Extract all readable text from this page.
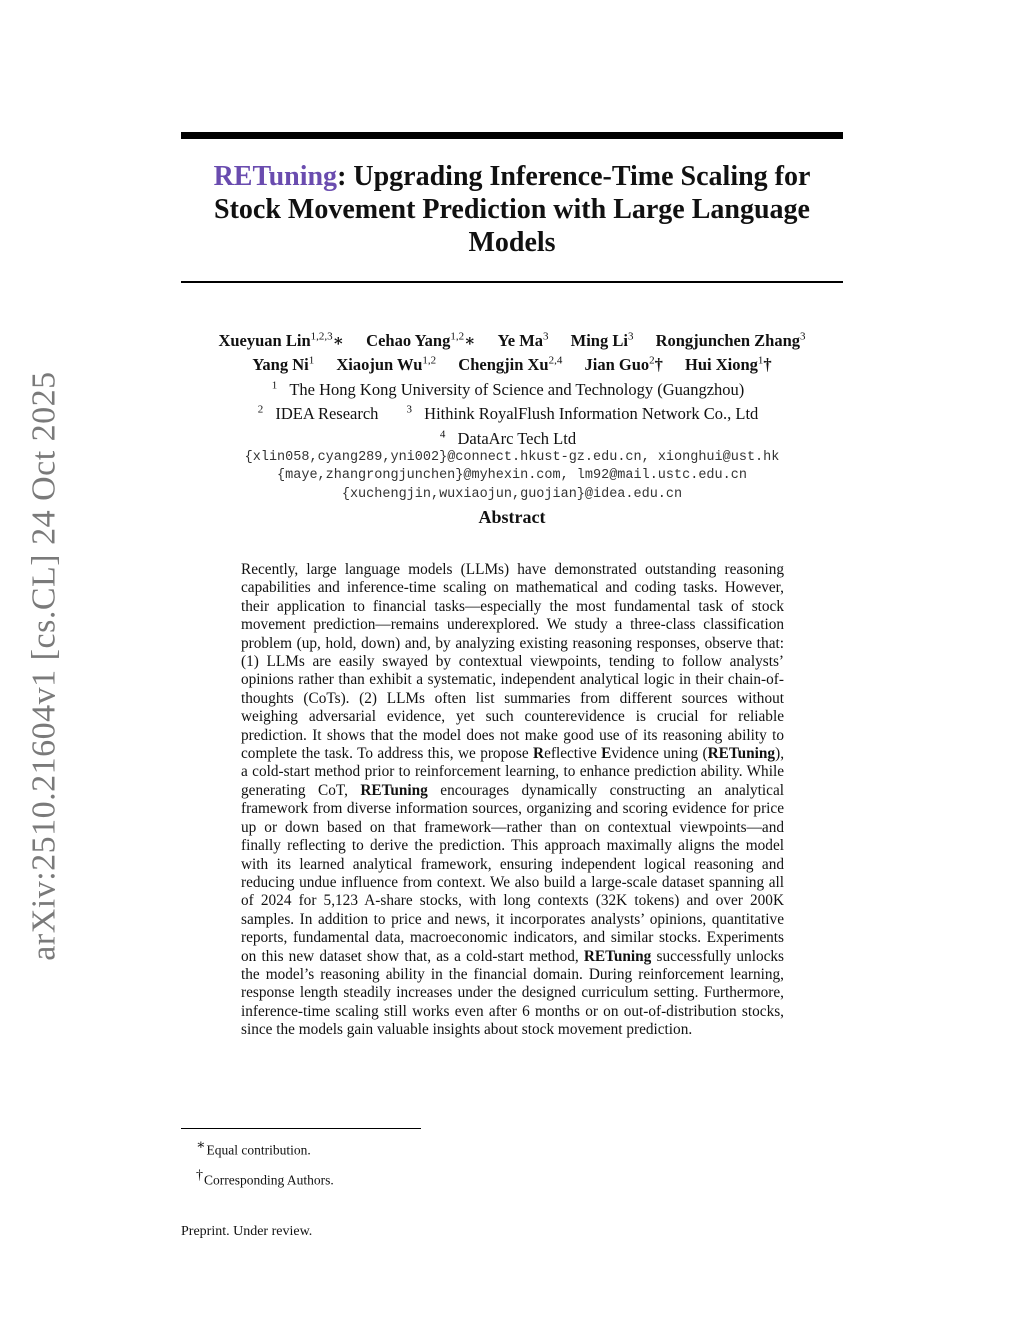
arXiv:2510.21604v1 [cs.CL] 24 Oct 2025
RETuning: Upgrading Inference-Time Scaling for Stock Movement Prediction with Large Language Models
Xueyuan Lin$^{1,2,3}$∗ Cehao Yang$^{1,2}$∗ Ye Ma$^3$ Ming Li$^3$ Rongjunchen Zhang$^3$
Yang Ni$^1$ Xiaojun Wu$^{1,2}$ Chengjin Xu$^{2,4}$ Jian Guo$^2$† Hui Xiong$^1$†
$^1$ The Hong Kong University of Science and Technology (Guangzhou)
$^2$ IDEA Research	$^3$ Hithink RoyalFlush Information Network Co., Ltd $^4$ DataArc Tech Ltd
{xlin058,cyang289,yni002}@connect.hkust-gz.edu.cn, xionghui@ust.hk
{maye,zhangrongjunchen}@myhexin.com, lm92@mail.ustc.edu.cn
{xuchengjin,wuxiaojun,guojian}@idea.edu.cn
Abstract

Recently, large language models (LLMs) have demonstrated outstanding reasoning capabilities and inference-time scaling on mathematical and coding tasks. However, their application to financial tasks—especially the most fundamental task of stock movement prediction—remains underexplored. We study a three-class classification problem (up, hold, down) and, by analyzing existing reasoning responses, observe that: (1) LLMs are easily swayed by contextual viewpoints, tending to follow analysts’ opinions rather than exhibit a systematic, independent analytical logic in their chain-of-thoughts (CoTs). (2) LLMs often list summaries from different sources without weighing adversarial evidence, yet such counterevidence is crucial for reliable prediction. It shows that the model does not make good use of its reasoning ability to complete the task. To address this, we propose Reflective Evidence uning (RETuning), a cold-start method prior to reinforcement learning, to enhance prediction ability. While generating CoT, RETuning encourages dynamically constructing an analytical framework from diverse information sources, organizing and scoring evidence for price up or down based on that framework—rather than on contextual viewpoints—and finally reflecting to derive the prediction. This approach maximally aligns the model with its learned analytical framework, ensuring independent logical reasoning and reducing undue influence from context. We also build a large-scale dataset spanning all of 2024 for 5,123 A-share stocks, with long contexts (32K tokens) and over 200K samples. In addition to price and news, it incorporates analysts’ opinions, quantitative reports, fundamental data, macroeconomic indicators, and similar stocks. Experiments on this new dataset show that, as a cold-start method, RETuning successfully unlocks the model’s reasoning ability in the financial domain. During reinforcement learning, response length steadily increases under the designed curriculum setting. Furthermore, inference-time scaling still works even after 6 months or on out-of-distribution stocks, since the models gain valuable insights about stock movement prediction.

∗Equal contribution.
†Corresponding Authors.
Preprint. Under review.
